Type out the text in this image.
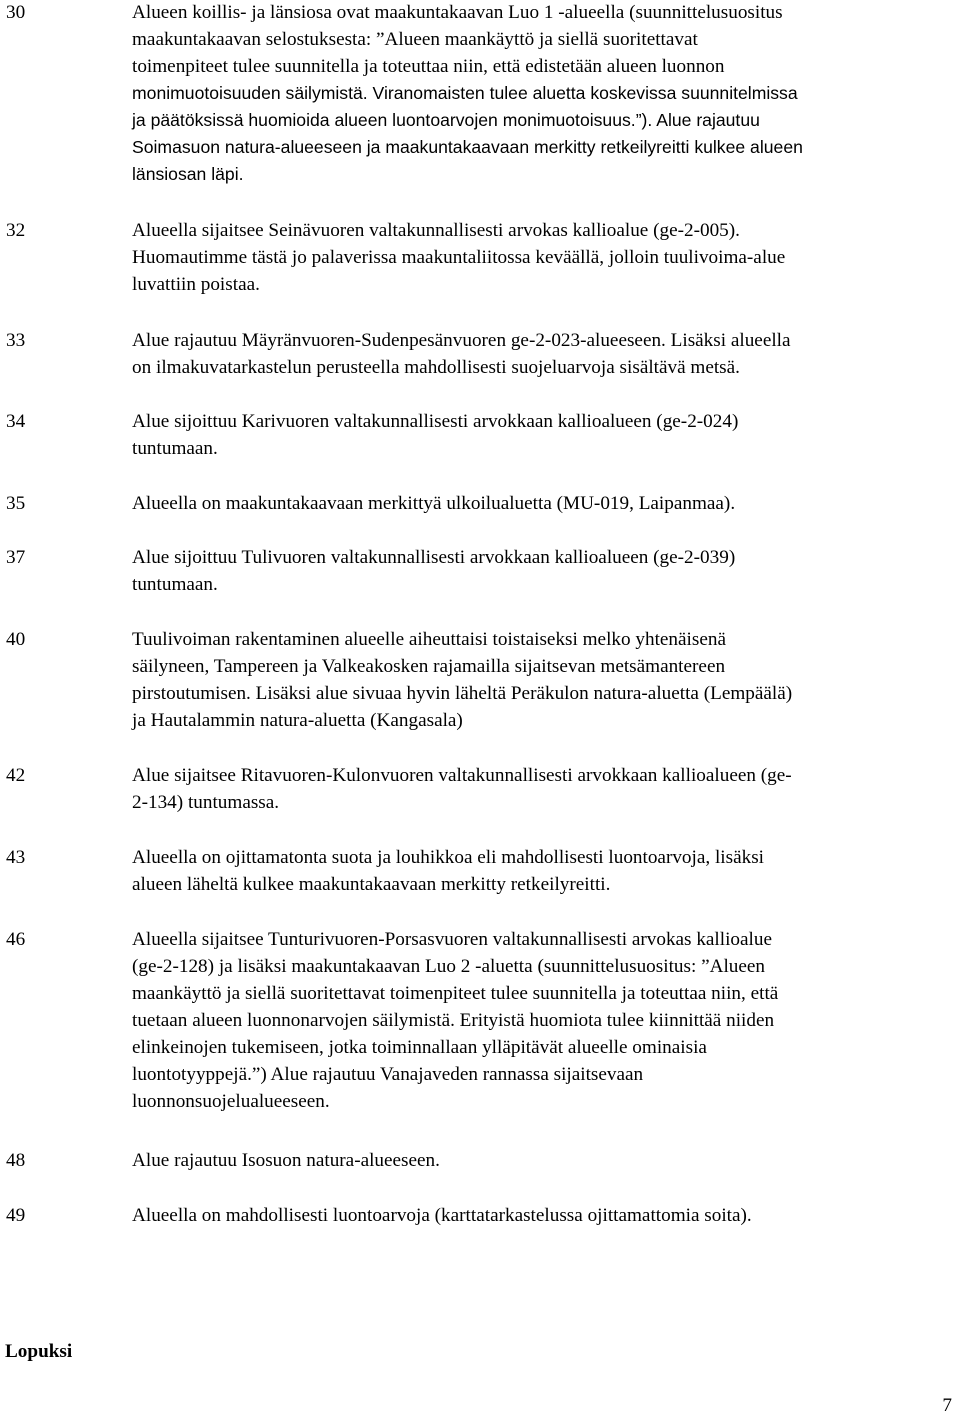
30	Alueen koillis- ja länsiosa ovat maakuntakaavan Luo 1 -alueella (suunnittelusuositus
maakuntakaavan selostuksesta: ”Alueen maankäyttö ja siellä suoritettavat
toimenpiteet tulee suunnitella ja toteuttaa niin, että edistetään alueen luonnon
monimuotoisuuden säilymistä. Viranomaisten tulee aluetta koskevissa suunnitelmissa
ja päätöksissä huomioida alueen luontoarvojen monimuotoisuus.”). Alue rajautuu
Soimasuon natura-alueeseen ja maakuntakaavaan merkitty retkeilyreitti kulkee alueen
länsiosan läpi.
32	Alueella sijaitsee Seinävuoren valtakunnallisesti arvokas kallioalue (ge-2-005).
Huomautimme tästä jo palaverissa maakuntaliitossa keväällä, jolloin tuulivoima-alue
luvattiin poistaa.
33	Alue rajautuu Mäyränvuoren-Sudenpesänvuoren ge-2-023-alueeseen. Lisäksi alueella
on ilmakuvatarkastelun perusteella mahdollisesti suojeluarvoja sisältävä metsä.
34	Alue sijoittuu Karivuoren valtakunnallisesti arvokkaan kallioalueen (ge-2-024)
tuntumaan.
35	Alueella on maakuntakaavaan merkittyä ulkoilualuetta (MU-019, Laipanmaa).
37	Alue sijoittuu Tulivuoren valtakunnallisesti arvokkaan kallioalueen (ge-2-039)
tuntumaan.
40	Tuulivoiman rakentaminen alueelle aiheuttaisi toistaiseksi melko yhtenäisenä
säilyneen, Tampereen ja Valkeakosken rajamailla sijaitsevan metsämantereen
pirstoutumisen. Lisäksi alue sivuaa hyvin läheltä Peräkulon natura-aluetta (Lempäälä)
ja Hautalammin natura-aluetta (Kangasala)
42	Alue sijaitsee Ritavuoren-Kulonvuoren valtakunnallisesti arvokkaan kallioalueen (ge-
2-134) tuntumassa.
43	Alueella on ojittamatonta suota ja louhikkoa eli mahdollisesti luontoarvoja, lisäksi
alueen läheltä kulkee maakuntakaavaan merkitty retkeilyreitti.
46	Alueella sijaitsee Tunturivuoren-Porsasvuoren valtakunnallisesti arvokas kallioalue
(ge-2-128) ja lisäksi maakuntakaavan Luo 2 -aluetta (suunnittelusuositus: ”Alueen
maankäyttö ja siellä suoritettavat toimenpiteet tulee suunnitella ja toteuttaa niin, että
tuetaan alueen luonnonarvojen säilymistä. Erityistä huomiota tulee kiinnittää niiden
elinkeinojen tukemiseen, jotka toiminnallaan ylläpitävät alueelle ominaisia
luontotyyppejä.”) Alue rajautuu Vanajaveden rannassa sijaitsevaan
luonnonsuojelualueeseen.
48	Alue rajautuu Isosuon natura-alueeseen.
49	Alueella on mahdollisesti luontoarvoja (karttatarkastelussa ojittamattomia soita).
Lopuksi
7
